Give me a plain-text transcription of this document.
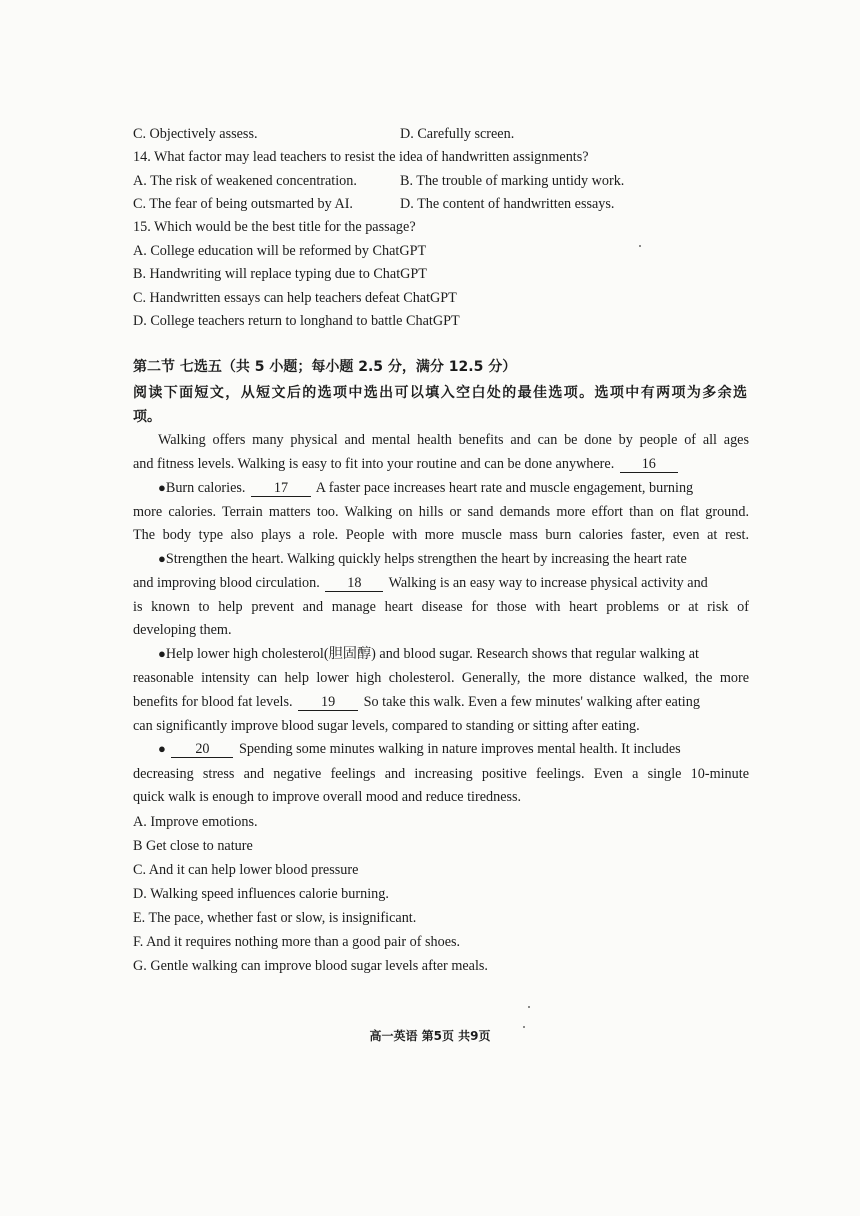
C. Objectively assess.	D. Carefully screen.
14. What factor may lead teachers to resist the idea of handwritten assignments?
A. The risk of weakened concentration.	B. The trouble of marking untidy work.
C. The fear of being outsmarted by AI.	D. The content of handwritten essays.
15. Which would be the best title for the passage?
A. College education will be reformed by ChatGPT
B. Handwriting will replace typing due to ChatGPT
C. Handwritten essays can help teachers defeat ChatGPT
D. College teachers return to longhand to battle ChatGPT
第二节 七选五（共 5 小题；每小题 2.5 分，满分 12.5 分）
阅读下面短文，从短文后的选项中选出可以填入空白处的最佳选项。选项中有两项为多余选
项。
Walking offers many physical and mental health benefits and can be done by people of all ages
and fitness levels. Walking is easy to fit into your routine and can be done anywhere. 16
●Burn calories. 17 A faster pace increases heart rate and muscle engagement, burning
more calories. Terrain matters too. Walking on hills or sand demands more effort than on flat ground.
The body type also plays a role. People with more muscle mass burn calories faster, even at rest.
●Strengthen the heart. Walking quickly helps strengthen the heart by increasing the heart rate
and improving blood circulation. 18 Walking is an easy way to increase physical activity and
is known to help prevent and manage heart disease for those with heart problems or at risk of
developing them.
●Help lower high cholesterol(胆固醇) and blood sugar. Research shows that regular walking at
reasonable intensity can help lower high cholesterol. Generally, the more distance walked, the more
benefits for blood fat levels. 19 So take this walk. Even a few minutes' walking after eating
can significantly improve blood sugar levels, compared to standing or sitting after eating.
● 20 Spending some minutes walking in nature improves mental health. It includes
decreasing stress and negative feelings and increasing positive feelings. Even a single 10-minute
quick walk is enough to improve overall mood and reduce tiredness.
A. Improve emotions.
B Get close to nature
C. And it can help lower blood pressure
D. Walking speed influences calorie burning.
E. The pace, whether fast or slow, is insignificant.
F. And it requires nothing more than a good pair of shoes.
G. Gentle walking can improve blood sugar levels after meals.
高一英语 第5页 共9页
